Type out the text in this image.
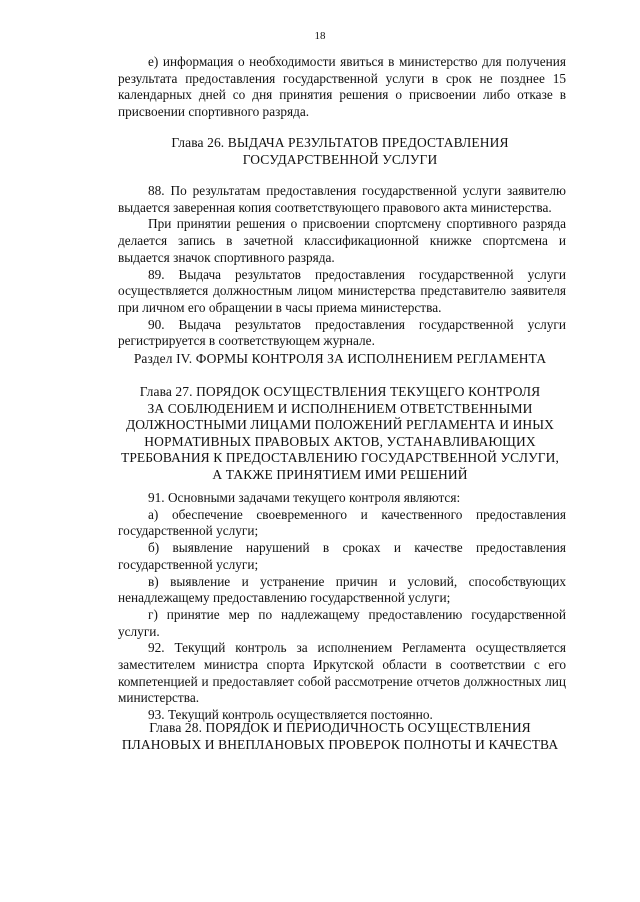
18

е) информация о необходимости явиться в министерство для получения результата предоставления государственной услуги в срок не позднее 15 календарных дней со дня принятия решения о присвоении либо отказе в присвоении спортивного разряда.

Глава 26. ВЫДАЧА РЕЗУЛЬТАТОВ ПРЕДОСТАВЛЕНИЯ
ГОСУДАРСТВЕННОЙ УСЛУГИ

88. По результатам предоставления государственной услуги заявителю выдается заверенная копия соответствующего правового акта министерства.

При принятии решения о присвоении спортсмену спортивного разряда делается запись в зачетной классификационной книжке спортсмена и выдается значок спортивного разряда.

89. Выдача результатов предоставления государственной услуги осуществляется должностным лицом министерства представителю заявителя при личном его обращении в часы приема министерства.

90. Выдача результатов предоставления государственной услуги регистрируется в соответствующем журнале.

Раздел IV. ФОРМЫ КОНТРОЛЯ ЗА ИСПОЛНЕНИЕМ РЕГЛАМЕНТА
Глава 27. ПОРЯДОК ОСУЩЕСТВЛЕНИЯ ТЕКУЩЕГО КОНТРОЛЯ
ЗА СОБЛЮДЕНИЕМ И ИСПОЛНЕНИЕМ ОТВЕТСТВЕННЫМИ
ДОЛЖНОСТНЫМИ ЛИЦАМИ ПОЛОЖЕНИЙ РЕГЛАМЕНТА И ИНЫХ
НОРМАТИВНЫХ ПРАВОВЫХ АКТОВ, УСТАНАВЛИВАЮЩИХ
ТРЕБОВАНИЯ К ПРЕДОСТАВЛЕНИЮ ГОСУДАРСТВЕННОЙ УСЛУГИ,
А ТАКЖЕ ПРИНЯТИЕМ ИМИ РЕШЕНИЙ

91. Основными задачами текущего контроля являются:

а) обеспечение своевременного и качественного предоставления государственной услуги;

б) выявление нарушений в сроках и качестве предоставления государственной услуги;

в) выявление и устранение причин и условий, способствующих ненадлежащему предоставлению государственной услуги;

г) принятие мер по надлежащему предоставлению государственной услуги.

92. Текущий контроль за исполнением Регламента осуществляется заместителем министра спорта Иркутской области в соответствии с его компетенцией и предоставляет собой рассмотрение отчетов должностных лиц министерства.

93. Текущий контроль осуществляется постоянно.

Глава 28. ПОРЯДОК И ПЕРИОДИЧНОСТЬ ОСУЩЕСТВЛЕНИЯ
ПЛАНОВЫХ И ВНЕПЛАНОВЫХ ПРОВЕРОК ПОЛНОТЫ И КАЧЕСТВА
